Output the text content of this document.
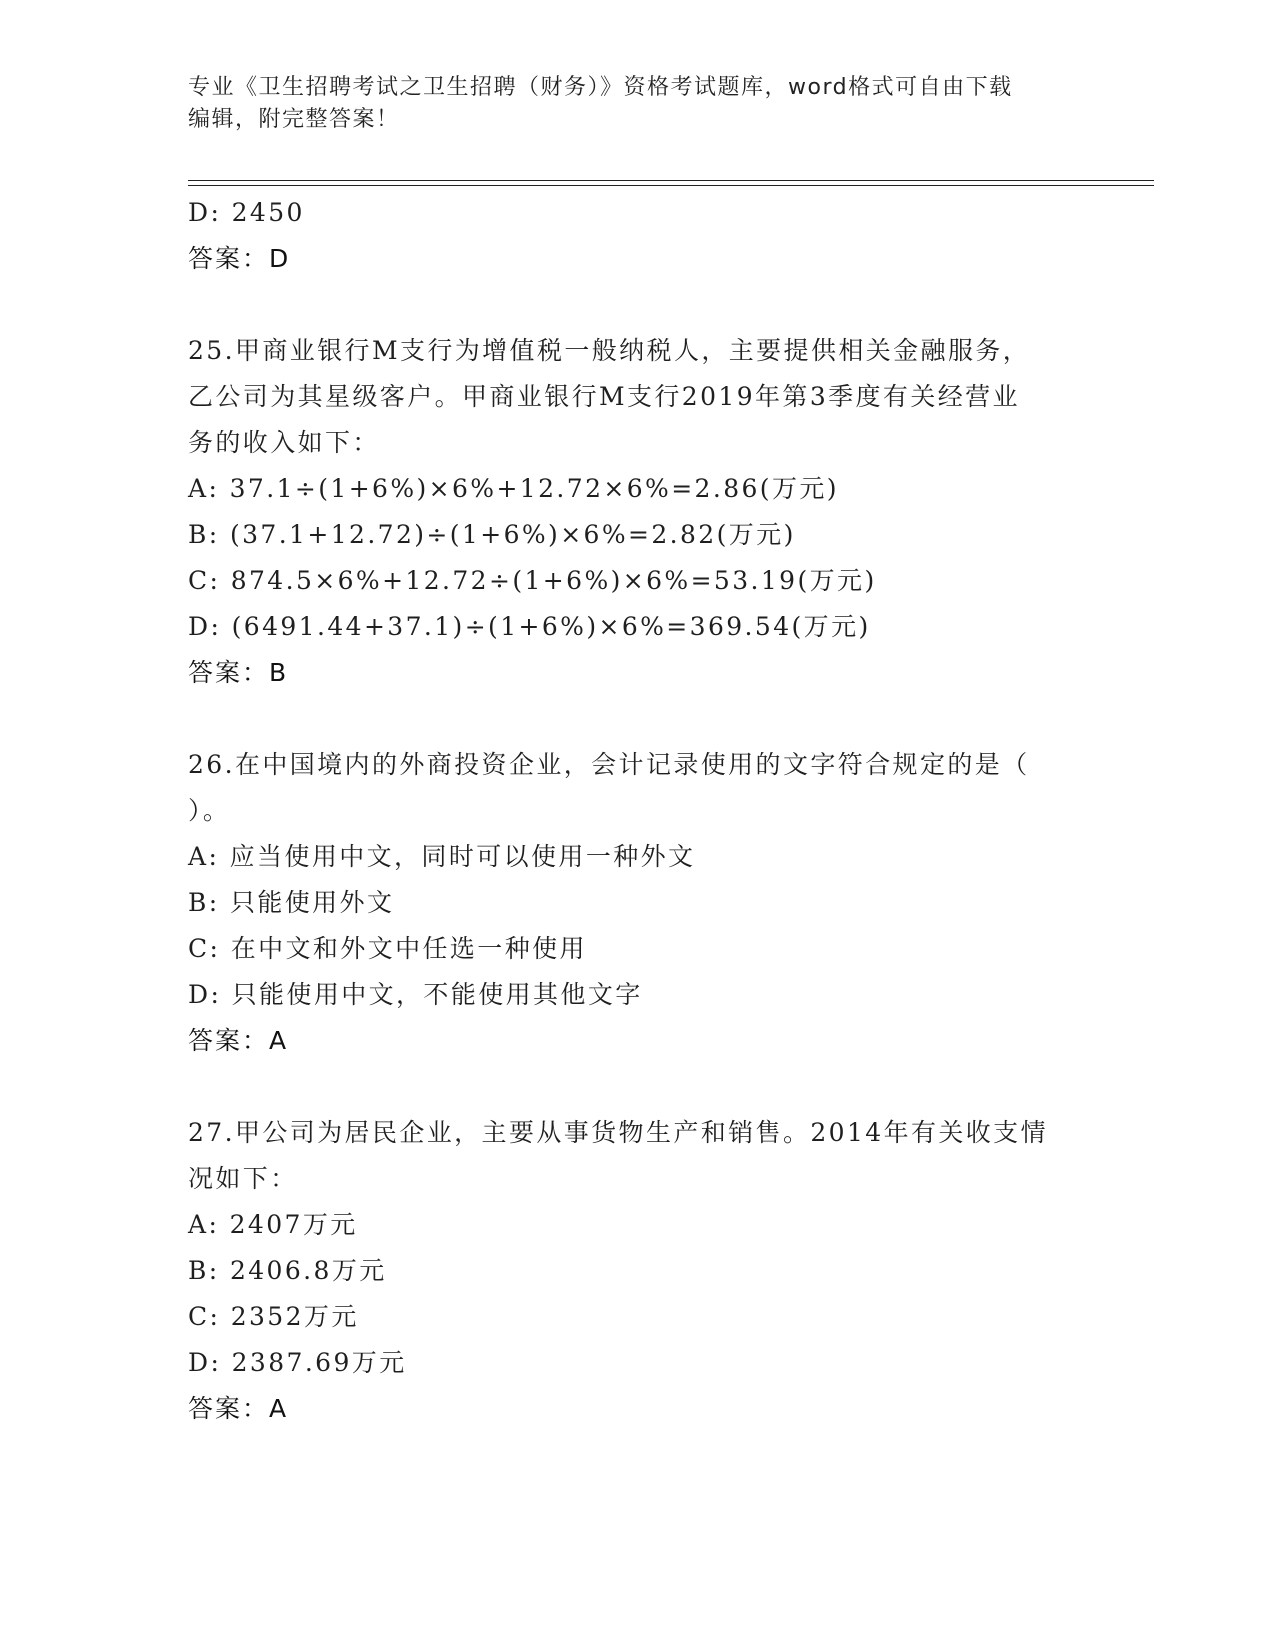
专业《卫生招聘考试之卫生招聘（财务）》资格考试题库，word格式可自由下载
编辑，附完整答案！
D: 2450
答案：D
25.甲商业银行M支行为增值税一般纳税人，主要提供相关金融服务，
乙公司为其星级客户。甲商业银行M支行2019年第3季度有关经营业
务的收入如下：
A: 37.1÷(1+6%)×6%+12.72×6%=2.86(万元)
B: (37.1+12.72)÷(1+6%)×6%=2.82(万元)
C: 874.5×6%+12.72÷(1+6%)×6%=53.19(万元)
D: (6491.44+37.1)÷(1+6%)×6%=369.54(万元)
答案：B
26.在中国境内的外商投资企业，会计记录使用的文字符合规定的是（
）。
A: 应当使用中文，同时可以使用一种外文
B: 只能使用外文
C: 在中文和外文中任选一种使用
D: 只能使用中文，不能使用其他文字
答案：A
27.甲公司为居民企业，主要从事货物生产和销售。2014年有关收支情
况如下：
A: 2407万元
B: 2406.8万元
C: 2352万元
D: 2387.69万元
答案：A
